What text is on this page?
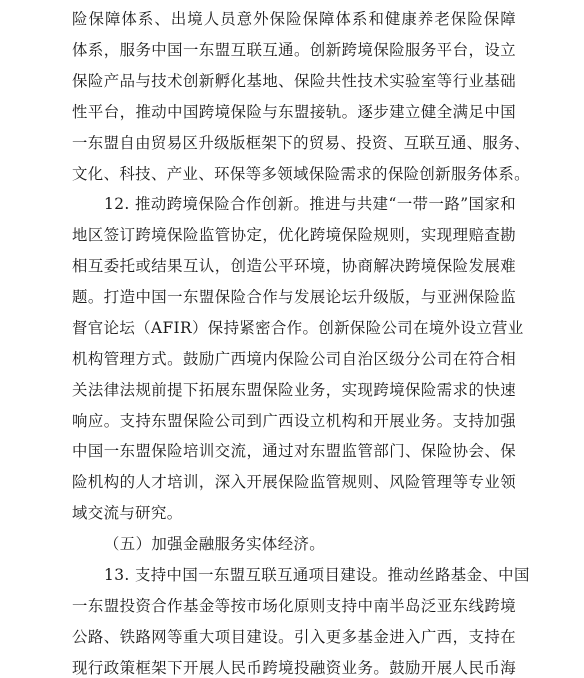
险保障体系、出境人员意外保险保障体系和健康养老保险保障
体系，服务中国一东盟互联互通。创新跨境保险服务平台，设立
保险产品与技术创新孵化基地、保险共性技术实验室等行业基础
性平台，推动中国跨境保险与东盟接轨。逐步建立健全满足中国
一东盟自由贸易区升级版框架下的贸易、投资、互联互通、服务、
文化、科技、产业、环保等多领域保险需求的保险创新服务体系。
12. 推动跨境保险合作创新。推进与共建“一带一路”国家和
地区签订跨境保险监管协定，优化跨境保险规则，实现理赔查勘
相互委托或结果互认，创造公平环境，协商解决跨境保险发展难
题。打造中国一东盟保险合作与发展论坛升级版，与亚洲保险监
督官论坛（AFIR）保持紧密合作。创新保险公司在境外设立营业
机构管理方式。鼓励广西境内保险公司自治区级分公司在符合相
关法律法规前提下拓展东盟保险业务，实现跨境保险需求的快速
响应。支持东盟保险公司到广西设立机构和开展业务。支持加强
中国一东盟保险培训交流，通过对东盟监管部门、保险协会、保
险机构的人才培训，深入开展保险监管规则、风险管理等专业领
域交流与研究。
（五）加强金融服务实体经济。
13. 支持中国一东盟互联互通项目建设。推动丝路基金、中国
一东盟投资合作基金等按市场化原则支持中南半岛泛亚东线跨境
公路、铁路网等重大项目建设。引入更多基金进入广西，支持在
现行政策框架下开展人民币跨境投融资业务。鼓励开展人民币海
